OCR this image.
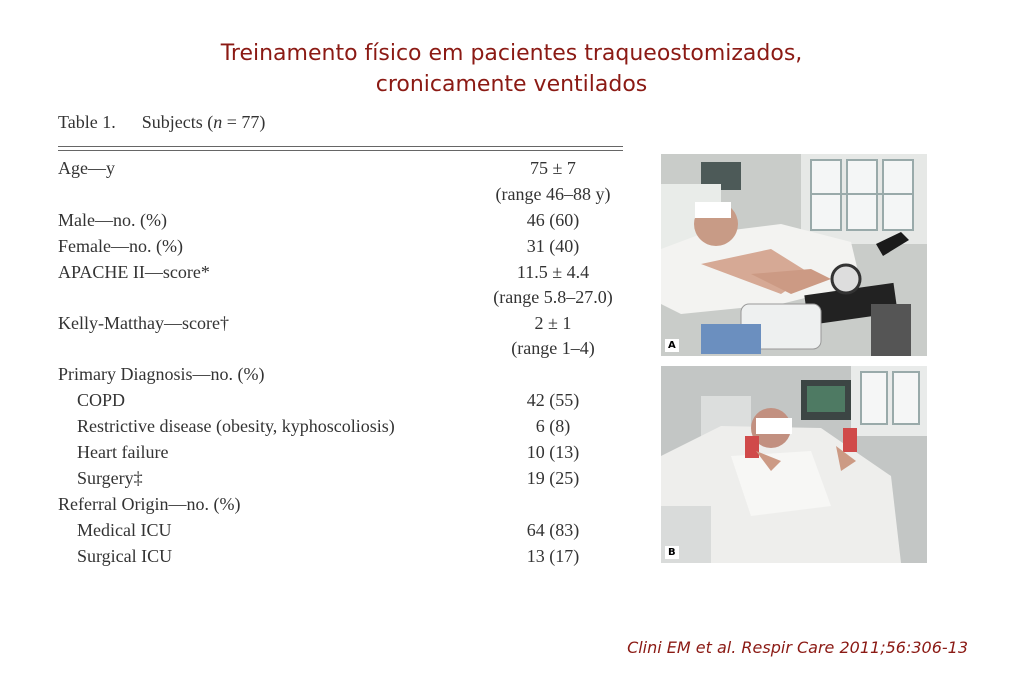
Treinamento físico em pacientes traqueostomizados,
cronicamente ventilados
Table 1. Subjects (n = 77)
Age—y	75 ± 7
(range 46–88 y)
Male—no. (%)	46 (60)
Female—no. (%)	31 (40)
APACHE II—score*	11.5 ± 4.4
(range 5.8–27.0)
Kelly-Matthay—score†	2 ± 1
(range 1–4)
Primary Diagnosis—no. (%)
COPD	42 (55)
Restrictive disease (obesity, kyphoscoliosis)	6 (8)
Heart failure	10 (13)
Surgery‡	19 (25)
Referral Origin—no. (%)
Medical ICU	64 (83)
Surgical ICU	13 (17)
A
B
Clini EM et al. Respir Care 2011;56:306-13
